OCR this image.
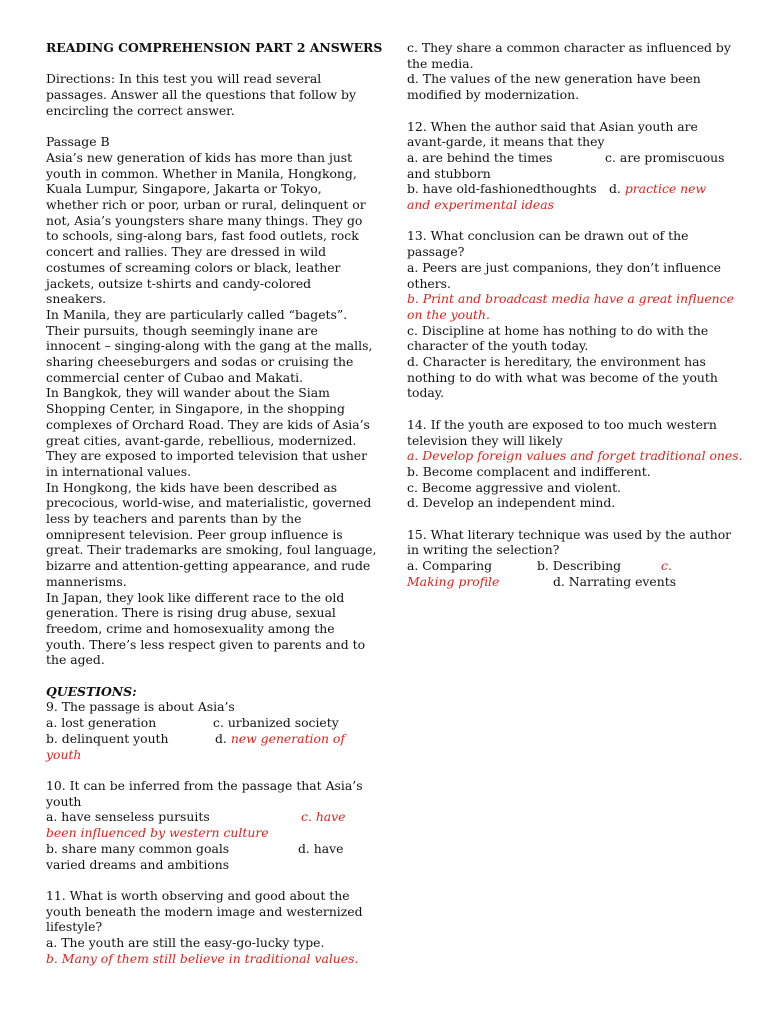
READING COMPREHENSION PART 2 ANSWERS
Directions: In this test you will read several
passages. Answer all the questions that follow by
encircling the correct answer.
Passage B
Asia’s new generation of kids has more than just
youth in common. Whether in Manila, Hongkong,
Kuala Lumpur, Singapore, Jakarta or Tokyo,
whether rich or poor, urban or rural, delinquent or
not, Asia’s youngsters share many things. They go
to schools, sing-along bars, fast food outlets, rock
concert and rallies. They are dressed in wild
costumes of screaming colors or black, leather
jackets, outsize t-shirts and candy-colored
sneakers.
In Manila, they are particularly called “bagets”.
Their pursuits, though seemingly inane are
innocent – singing-along with the gang at the malls,
sharing cheeseburgers and sodas or cruising the
commercial center of Cubao and Makati.
In Bangkok, they will wander about the Siam
Shopping Center, in Singapore, in the shopping
complexes of Orchard Road. They are kids of Asia’s
great cities, avant-garde, rebellious, modernized.
They are exposed to imported television that usher
in international values.
In Hongkong, the kids have been described as
precocious, world-wise, and materialistic, governed
less by teachers and parents than by the
omnipresent television. Peer group influence is
great. Their trademarks are smoking, foul language,
bizarre and attention-getting appearance, and rude
mannerisms.
In Japan, they look like different race to the old
generation. There is rising drug abuse, sexual
freedom, crime and homosexuality among the
youth. There’s less respect given to parents and to
the aged.
QUESTIONS:
9. The passage is about Asia’s
a. lost generation	c. urbanized society
b. delinquent youth	d. new generation of
youth
10. It can be inferred from the passage that Asia’s
youth
a. have senseless pursuits	c. have
been influenced by western culture
b. share many common goals	d. have
varied dreams and ambitions
11. What is worth observing and good about the
youth beneath the modern image and westernized
lifestyle?
a. The youth are still the easy-go-lucky type.
b. Many of them still believe in traditional values.
c. They share a common character as influenced by
the media.
d. The values of the new generation have been
modified by modernization.
12. When the author said that Asian youth are
avant-garde, it means that they
a. are behind the times	c. are promiscuous
and stubborn
b. have old-fashionedthoughts d. practice new
and experimental ideas
13. What conclusion can be drawn out of the
passage?
a. Peers are just companions, they don’t influence
others.
b. Print and broadcast media have a great influence
on the youth.
c. Discipline at home has nothing to do with the
character of the youth today.
d. Character is hereditary, the environment has
nothing to do with what was become of the youth
today.
14. If the youth are exposed to too much western
television they will likely
a. Develop foreign values and forget traditional ones.
b. Become complacent and indifferent.
c. Become aggressive and violent.
d. Develop an independent mind.
15. What literary technique was used by the author
in writing the selection?
a. Comparing	b. Describing	c.
Making profile	d. Narrating events
